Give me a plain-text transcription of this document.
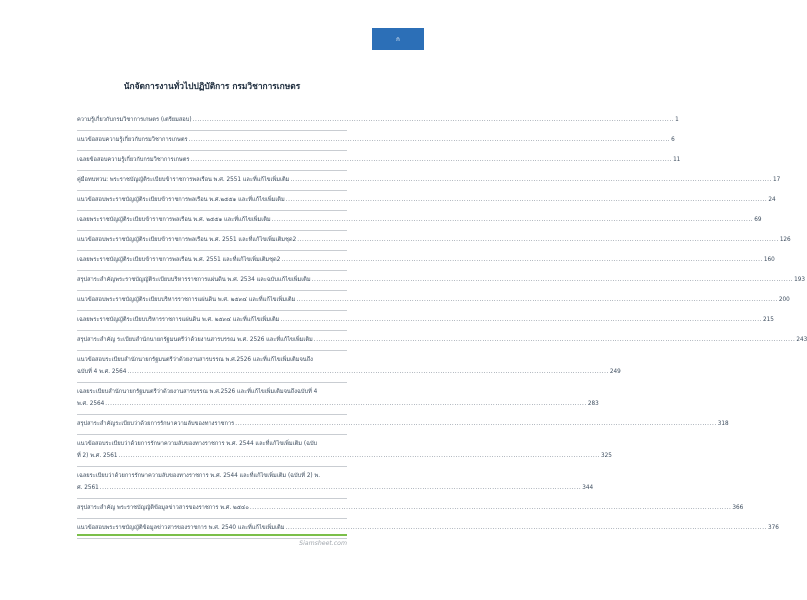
ก
นักจัดการงานทั่วไปปฏิบัติการ กรมวิชาการเกษตร
ความรู้เกี่ยวกับกรมวิชาการเกษตร (เตรียมสอบ) ........................................................................................................................................................................................................ 1
แนวข้อสอบความรู้เกี่ยวกับกรมวิชาการเกษตร ........................................................................................................................................................................................................ 6
เฉลยข้อสอบความรู้เกี่ยวกับกรมวิชาการเกษตร ........................................................................................................................................................................................................ 11
คู่มือทบทวน: พระราชบัญญัติระเบียบข้าราชการพลเรือน พ.ศ. 2551 และที่แก้ไขเพิ่มเติม ........................................................................................................................................................................................................ 17
แนวข้อสอบพระราชบัญญัติระเบียบข้าราชการพลเรือน พ.ศ.๒๕๕๑ และที่แก้ไขเพิ่มเติม ........................................................................................................................................................................................................ 24
เฉลยพระราชบัญญัติระเบียบข้าราชการพลเรือน พ.ศ. ๒๕๕๑ และที่แก้ไขเพิ่มเติม ........................................................................................................................................................................................................ 69
แนวข้อสอบพระราชบัญญัติระเบียบข้าราชการพลเรือน พ.ศ. 2551 และที่แก้ไขเพิ่มเติมชุด2 ........................................................................................................................................................................................................ 126
เฉลยพระราชบัญญัติระเบียบข้าราชการพลเรือน พ.ศ. 2551 และที่แก้ไขเพิ่มเติมชุด2 ........................................................................................................................................................................................................ 160
สรุปสาระสำคัญพระราชบัญญัติระเบียบบริหารราชการแผ่นดิน พ.ศ. 2534 และฉบับแก้ไขเพิ่มเติม ........................................................................................................................................................................................................ 193
แนวข้อสอบพระราชบัญญัติระเบียบบริหารราชการแผ่นดิน พ.ศ. ๒๕๓๔ และที่แก้ไขเพิ่มเติม ........................................................................................................................................................................................................ 200
เฉลยพระราชบัญญัติระเบียบบริหารราชการแผ่นดิน พ.ศ. ๒๕๓๔ และที่แก้ไขเพิ่มเติม ........................................................................................................................................................................................................ 215
สรุปสาระสำคัญ ระเบียบสำนักนายกรัฐมนตรีว่าด้วยงานสารบรรณ พ.ศ. 2526 และที่แก้ไขเพิ่มเติม ........................................................................................................................................................................................................ 243
แนวข้อสอบระเบียบสำนักนายกรัฐมนตรีว่าด้วยงานสารบรรณ พ.ศ.2526 และที่แก้ไขเพิ่มเติมจนถึง
ฉบับที่ 4 พ.ศ. 2564 ........................................................................................................................................................................................................ 249
เฉลยระเบียบสำนักนายกรัฐมนตรีว่าด้วยงานสารบรรณ พ.ศ.2526 และที่แก้ไขเพิ่มเติมจนถึงฉบับที่ 4
พ.ศ. 2564 ........................................................................................................................................................................................................ 283
สรุปสาระสำคัญระเบียบว่าด้วยการรักษาความลับของทางราชการ ........................................................................................................................................................................................................ 318
แนวข้อสอบระเบียบว่าด้วยการรักษาความลับของทางราชการ พ.ศ. 2544 และที่แก้ไขเพิ่มเติม (ฉบับ
ที่ 2) พ.ศ. 2561 ........................................................................................................................................................................................................ 325
เฉลยระเบียบว่าด้วยการรักษาความลับของทางราชการ พ.ศ. 2544 และที่แก้ไขเพิ่มเติม (ฉบับที่ 2) พ.
ศ. 2561 ........................................................................................................................................................................................................ 344
สรุปสาระสำคัญ พระราชบัญญัติข้อมูลข่าวสารของราชการ พ.ศ. ๒๕๔๐ ........................................................................................................................................................................................................ 366
แนวข้อสอบพระราชบัญญัติข้อมูลข่าวสารของราชการ พ.ศ. 2540 และที่แก้ไขเพิ่มเติม ........................................................................................................................................................................................................ 376
Siamsheet.com
